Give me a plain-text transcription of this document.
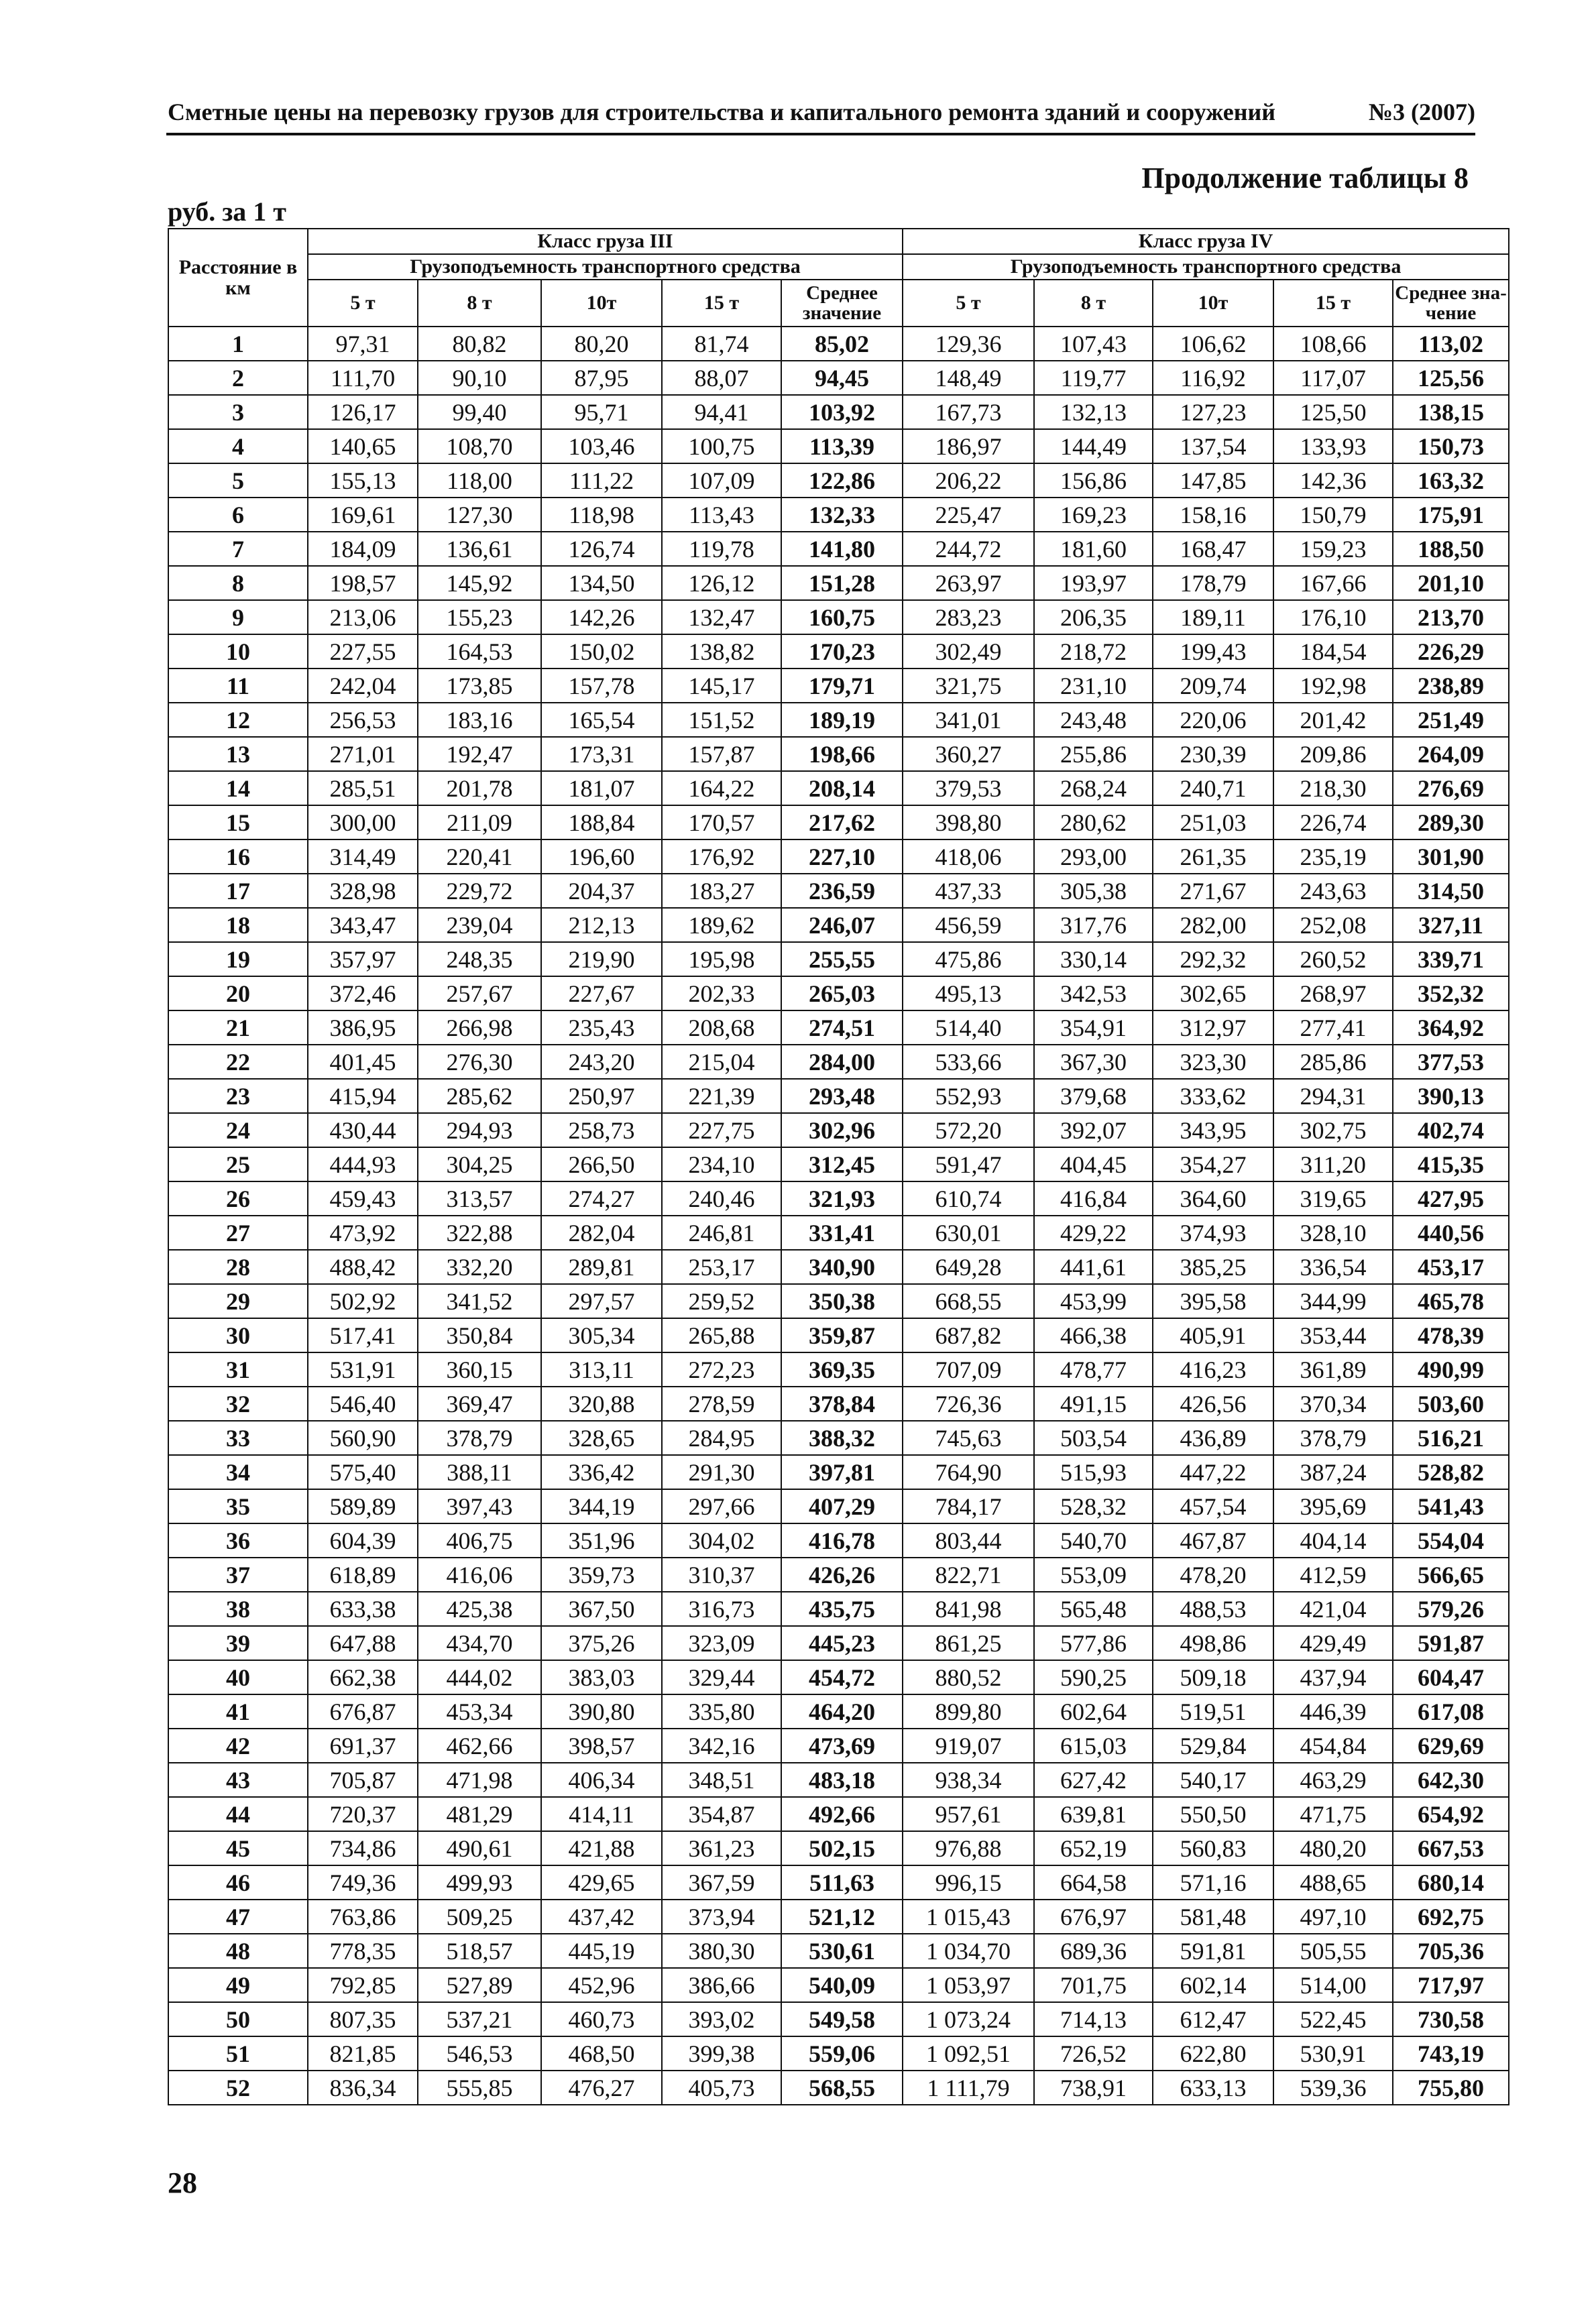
Сметные цены на перевозку грузов для строительства и капитального ремонта зданий и сооружений	№3 (2007)
Продолжение таблицы 8
руб. за 1 т
Расстояние в км	Класс груза III					Класс груза IV				
	Грузоподъемность транспортного средства					Грузоподъемность транспортного средства				
	5 т	8 т	10т	15 т	Среднее значение	5 т	8 т	10т	15 т	Среднее зна-чение
1	97,31	80,82	80,20	81,74	85,02	129,36	107,43	106,62	108,66	113,02
2	111,70	90,10	87,95	88,07	94,45	148,49	119,77	116,92	117,07	125,56
3	126,17	99,40	95,71	94,41	103,92	167,73	132,13	127,23	125,50	138,15
4	140,65	108,70	103,46	100,75	113,39	186,97	144,49	137,54	133,93	150,73
5	155,13	118,00	111,22	107,09	122,86	206,22	156,86	147,85	142,36	163,32
6	169,61	127,30	118,98	113,43	132,33	225,47	169,23	158,16	150,79	175,91
7	184,09	136,61	126,74	119,78	141,80	244,72	181,60	168,47	159,23	188,50
8	198,57	145,92	134,50	126,12	151,28	263,97	193,97	178,79	167,66	201,10
9	213,06	155,23	142,26	132,47	160,75	283,23	206,35	189,11	176,10	213,70
10	227,55	164,53	150,02	138,82	170,23	302,49	218,72	199,43	184,54	226,29
11	242,04	173,85	157,78	145,17	179,71	321,75	231,10	209,74	192,98	238,89
12	256,53	183,16	165,54	151,52	189,19	341,01	243,48	220,06	201,42	251,49
13	271,01	192,47	173,31	157,87	198,66	360,27	255,86	230,39	209,86	264,09
14	285,51	201,78	181,07	164,22	208,14	379,53	268,24	240,71	218,30	276,69
15	300,00	211,09	188,84	170,57	217,62	398,80	280,62	251,03	226,74	289,30
16	314,49	220,41	196,60	176,92	227,10	418,06	293,00	261,35	235,19	301,90
17	328,98	229,72	204,37	183,27	236,59	437,33	305,38	271,67	243,63	314,50
18	343,47	239,04	212,13	189,62	246,07	456,59	317,76	282,00	252,08	327,11
19	357,97	248,35	219,90	195,98	255,55	475,86	330,14	292,32	260,52	339,71
20	372,46	257,67	227,67	202,33	265,03	495,13	342,53	302,65	268,97	352,32
21	386,95	266,98	235,43	208,68	274,51	514,40	354,91	312,97	277,41	364,92
22	401,45	276,30	243,20	215,04	284,00	533,66	367,30	323,30	285,86	377,53
23	415,94	285,62	250,97	221,39	293,48	552,93	379,68	333,62	294,31	390,13
24	430,44	294,93	258,73	227,75	302,96	572,20	392,07	343,95	302,75	402,74
25	444,93	304,25	266,50	234,10	312,45	591,47	404,45	354,27	311,20	415,35
26	459,43	313,57	274,27	240,46	321,93	610,74	416,84	364,60	319,65	427,95
27	473,92	322,88	282,04	246,81	331,41	630,01	429,22	374,93	328,10	440,56
28	488,42	332,20	289,81	253,17	340,90	649,28	441,61	385,25	336,54	453,17
29	502,92	341,52	297,57	259,52	350,38	668,55	453,99	395,58	344,99	465,78
30	517,41	350,84	305,34	265,88	359,87	687,82	466,38	405,91	353,44	478,39
31	531,91	360,15	313,11	272,23	369,35	707,09	478,77	416,23	361,89	490,99
32	546,40	369,47	320,88	278,59	378,84	726,36	491,15	426,56	370,34	503,60
33	560,90	378,79	328,65	284,95	388,32	745,63	503,54	436,89	378,79	516,21
34	575,40	388,11	336,42	291,30	397,81	764,90	515,93	447,22	387,24	528,82
35	589,89	397,43	344,19	297,66	407,29	784,17	528,32	457,54	395,69	541,43
36	604,39	406,75	351,96	304,02	416,78	803,44	540,70	467,87	404,14	554,04
37	618,89	416,06	359,73	310,37	426,26	822,71	553,09	478,20	412,59	566,65
38	633,38	425,38	367,50	316,73	435,75	841,98	565,48	488,53	421,04	579,26
39	647,88	434,70	375,26	323,09	445,23	861,25	577,86	498,86	429,49	591,87
40	662,38	444,02	383,03	329,44	454,72	880,52	590,25	509,18	437,94	604,47
41	676,87	453,34	390,80	335,80	464,20	899,80	602,64	519,51	446,39	617,08
42	691,37	462,66	398,57	342,16	473,69	919,07	615,03	529,84	454,84	629,69
43	705,87	471,98	406,34	348,51	483,18	938,34	627,42	540,17	463,29	642,30
44	720,37	481,29	414,11	354,87	492,66	957,61	639,81	550,50	471,75	654,92
45	734,86	490,61	421,88	361,23	502,15	976,88	652,19	560,83	480,20	667,53
46	749,36	499,93	429,65	367,59	511,63	996,15	664,58	571,16	488,65	680,14
47	763,86	509,25	437,42	373,94	521,12	1 015,43	676,97	581,48	497,10	692,75
48	778,35	518,57	445,19	380,30	530,61	1 034,70	689,36	591,81	505,55	705,36
49	792,85	527,89	452,96	386,66	540,09	1 053,97	701,75	602,14	514,00	717,97
50	807,35	537,21	460,73	393,02	549,58	1 073,24	714,13	612,47	522,45	730,58
51	821,85	546,53	468,50	399,38	559,06	1 092,51	726,52	622,80	530,91	743,19
52	836,34	555,85	476,27	405,73	568,55	1 111,79	738,91	633,13	539,36	755,80
28
